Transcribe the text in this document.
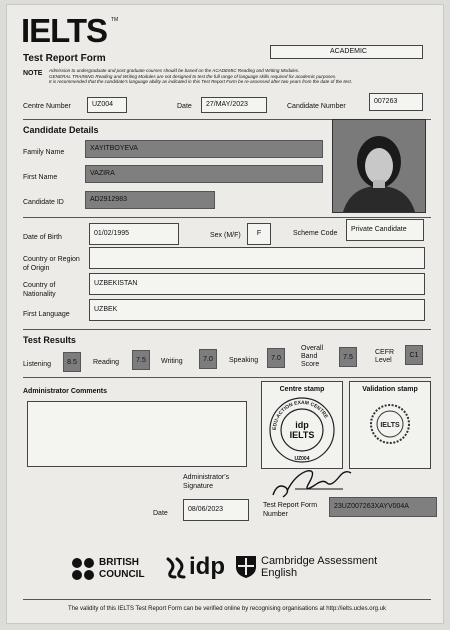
IELTS TM
Test Report Form
ACADEMIC
NOTE Admission to undergraduate and post graduate courses should be based on the ACADEMIC Reading and Writing Modules.
GENERAL TRAINING Reading and Writing Modules are not designed to test the full range of language skills required for academic purposes.
It is recommended that the candidate's language ability as indicated in this Test Report Form be re-assessed after two years from the date of the test.
Centre Number	UZ004	Date	27/MAY/2023	Candidate Number
007263
Candidate Details
Family Name
XAYITBOYEVA
First Name
VAZIRA
Candidate ID	AD2912983
Date of Birth
01/02/1995	Sex (M/F)	F	Scheme Code
Private Candidate
Country or Region
of Origin
Country of
Nationality
UZBEKISTAN
First Language
UZBEK
Test Results
Listening	8.5	Reading	7.5	Writing	7.0	Speaking	7.0
Overall
Band
Score
7.5
CEFR
Level
C1
Administrator Comments	Centre stamp
EDU-ACTION EXAM CENTRE
idp
IELTS
UZ004
Validation stamp
IELTS
Administrator's
Signature
Date
08/06/2023
Test Report Form
Number
23UZ007263XAYV004A
BRITISH
COUNCIL idp	Cambridge Assessment
English
The validity of this IELTS Test Report Form can be verified online by recognising organisations at http://ielts.ucles.org.uk
